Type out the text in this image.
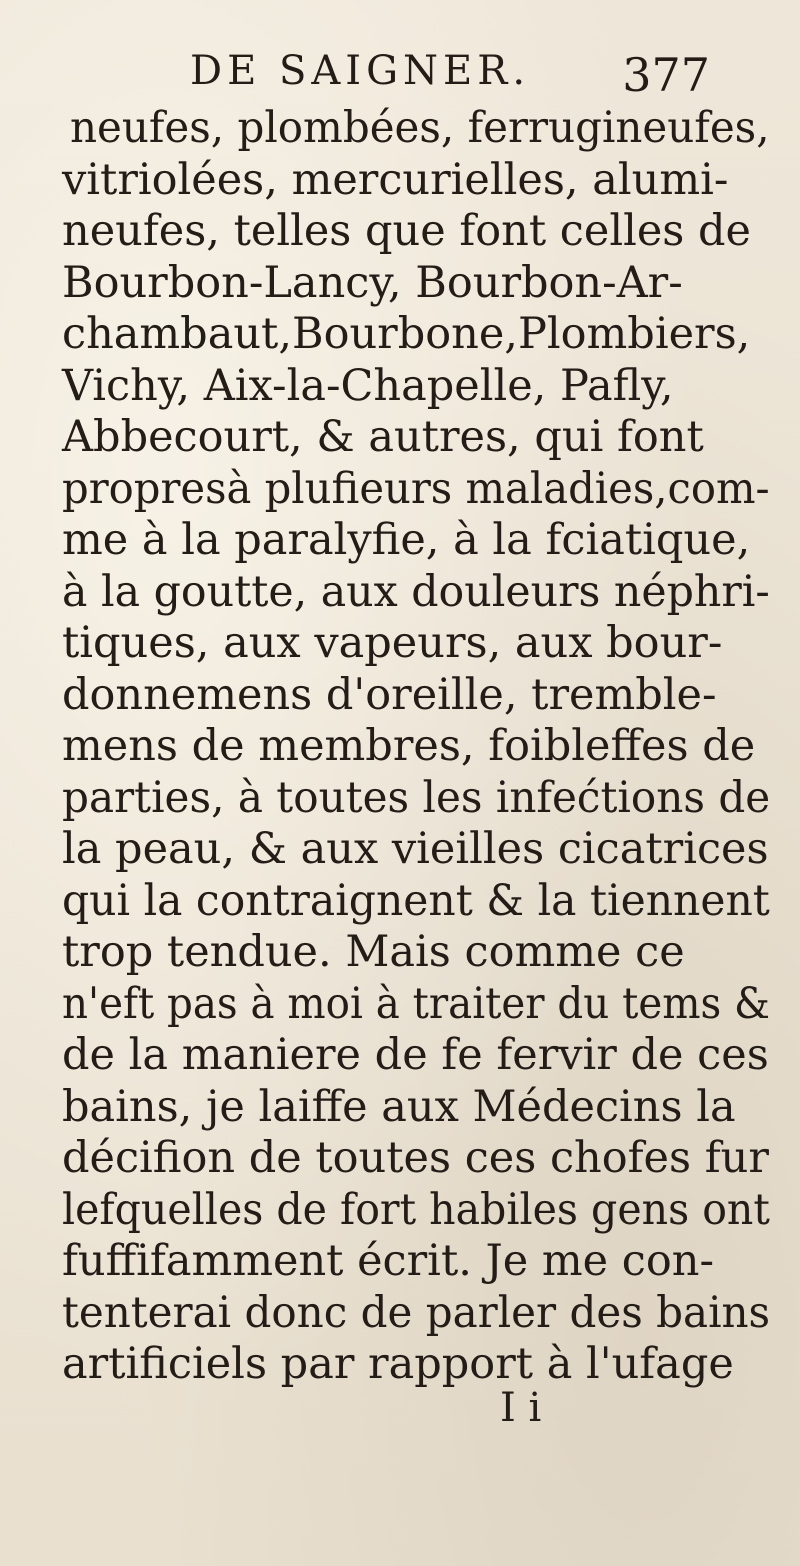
DE SAIGNER. 377
neufes, plombées, ferrugineufes,
vitriolées, mercurielles, alumi-
neufes, telles que font celles de
Bourbon-Lancy, Bourbon-Ar-
chambaut,Bourbone,Plombiers,
Vichy, Aix-la-Chapelle, Pafly,
Abbecourt, & autres, qui font
propresà plufieurs maladies,com-
me à la paralyfie, à la fciatique,
à la goutte, aux douleurs néphri-
tiques, aux vapeurs, aux bour-
donnemens d'oreille, tremble-
mens de membres, foibleffes de
parties, à toutes les infećtions de
la peau, & aux vieilles cicatrices
qui la contraignent & la tiennent
trop tendue. Mais comme ce
n'eft pas à moi à traiter du tems &
de la maniere de fe fervir de ces
bains, je laiffe aux Médecins la
décifion de toutes ces chofes fur
lefquelles de fort habiles gens ont
fuffifamment écrit. Je me con-
tenterai donc de parler des bains
artificiels par rapport à l'ufage
I i
